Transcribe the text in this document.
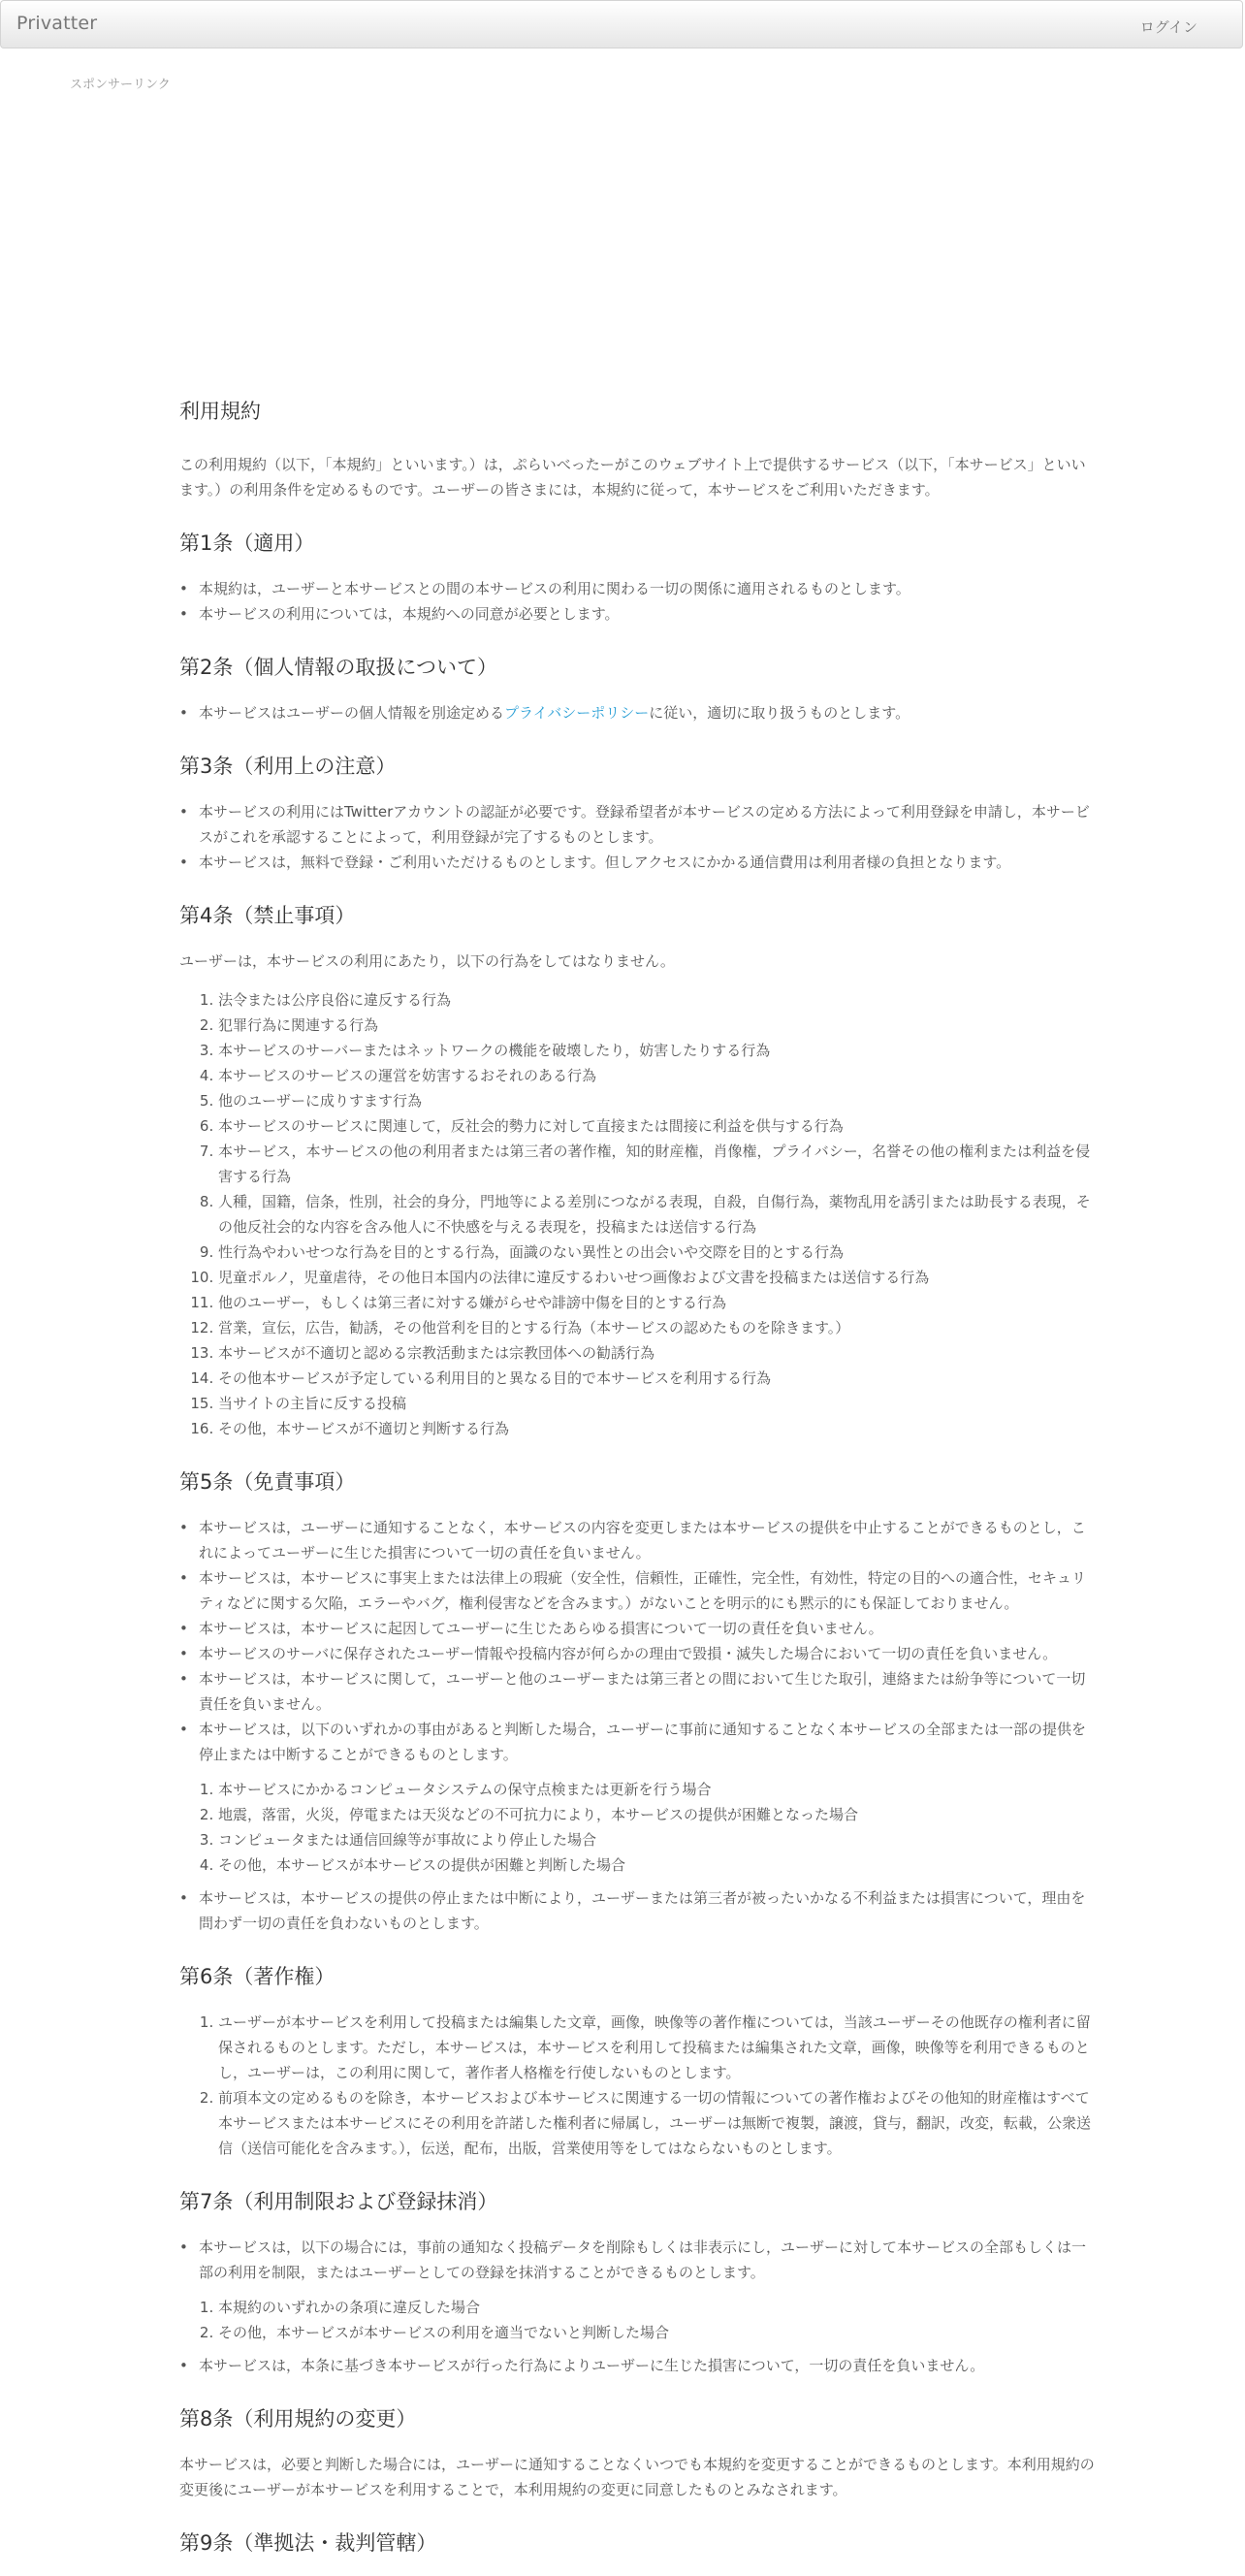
Privatter	ログイン
スポンサーリンク
利用規約

この利用規約（以下，「本規約」といいます。）は，ぷらいべったーがこのウェブサイト上で提供するサービス（以下，「本サービス」といいます。）の利用条件を定めるものです。ユーザーの皆さまには，本規約に従って，本サービスをご利用いただきます。

第1条（適用）
• 本規約は，ユーザーと本サービスとの間の本サービスの利用に関わる一切の関係に適用されるものとします。
• 本サービスの利用については，本規約への同意が必要とします。
第2条（個人情報の取扱について）
• 本サービスはユーザーの個人情報を別途定めるプライバシーポリシーに従い，適切に取り扱うものとします。
第3条（利用上の注意）
• 本サービスの利用にはTwitterアカウントの認証が必要です。登録希望者が本サービスの定める方法によって利用登録を申請し，本サービスがこれを承認することによって，利用登録が完了するものとします。
• 本サービスは，無料で登録・ご利用いただけるものとします。但しアクセスにかかる通信費用は利用者様の負担となります。
第4条（禁止事項）

ユーザーは，本サービスの利用にあたり，以下の行為をしてはなりません。

1. 法令または公序良俗に違反する行為
2. 犯罪行為に関連する行為
3. 本サービスのサーバーまたはネットワークの機能を破壊したり，妨害したりする行為
4. 本サービスのサービスの運営を妨害するおそれのある行為
5. 他のユーザーに成りすます行為
6. 本サービスのサービスに関連して，反社会的勢力に対して直接または間接に利益を供与する行為
7. 本サービス，本サービスの他の利用者または第三者の著作権，知的財産権，肖像権，プライバシー，名誉その他の権利または利益を侵害する行為
8. 人種，国籍，信条，性別，社会的身分，門地等による差別につながる表現，自殺，自傷行為，薬物乱用を誘引または助長する表現，その他反社会的な内容を含み他人に不快感を与える表現を，投稿または送信する行為
9. 性行為やわいせつな行為を目的とする行為，面識のない異性との出会いや交際を目的とする行為
10. 児童ポルノ，児童虐待，その他日本国内の法律に違反するわいせつ画像および文書を投稿または送信する行為
11. 他のユーザー，もしくは第三者に対する嫌がらせや誹謗中傷を目的とする行為
12. 営業，宣伝，広告，勧誘，その他営利を目的とする行為（本サービスの認めたものを除きます。）
13. 本サービスが不適切と認める宗教活動または宗教団体への勧誘行為
14. その他本サービスが予定している利用目的と異なる目的で本サービスを利用する行為
15. 当サイトの主旨に反する投稿
16. その他，本サービスが不適切と判断する行為
第5条（免責事項）
• 本サービスは，ユーザーに通知することなく，本サービスの内容を変更しまたは本サービスの提供を中止することができるものとし，これによってユーザーに生じた損害について一切の責任を負いません。
• 本サービスは，本サービスに事実上または法律上の瑕疵（安全性，信頼性，正確性，完全性，有効性，特定の目的への適合性，セキュリティなどに関する欠陥，エラーやバグ，権利侵害などを含みます。）がないことを明示的にも黙示的にも保証しておりません。
• 本サービスは，本サービスに起因してユーザーに生じたあらゆる損害について一切の責任を負いません。
• 本サービスのサーバに保存されたユーザー情報や投稿内容が何らかの理由で毀損・滅失した場合において一切の責任を負いません。
• 本サービスは，本サービスに関して，ユーザーと他のユーザーまたは第三者との間において生じた取引，連絡または紛争等について一切責任を負いません。
• 本サービスは，以下のいずれかの事由があると判断した場合，ユーザーに事前に通知することなく本サービスの全部または一部の提供を停止または中断することができるものとします。
1. 本サービスにかかるコンピュータシステムの保守点検または更新を行う場合
2. 地震，落雷，火災，停電または天災などの不可抗力により，本サービスの提供が困難となった場合
3. コンピュータまたは通信回線等が事故により停止した場合
4. その他，本サービスが本サービスの提供が困難と判断した場合
• 本サービスは，本サービスの提供の停止または中断により，ユーザーまたは第三者が被ったいかなる不利益または損害について，理由を問わず一切の責任を負わないものとします。
第6条（著作権）
1. ユーザーが本サービスを利用して投稿または編集した文章，画像，映像等の著作権については，当該ユーザーその他既存の権利者に留保されるものとします。ただし，本サービスは，本サービスを利用して投稿または編集された文章，画像，映像等を利用できるものとし，ユーザーは，この利用に関して，著作者人格権を行使しないものとします。
2. 前項本文の定めるものを除き，本サービスおよび本サービスに関連する一切の情報についての著作権およびその他知的財産権はすべて本サービスまたは本サービスにその利用を許諾した権利者に帰属し，ユーザーは無断で複製，譲渡，貸与，翻訳，改変，転載，公衆送信（送信可能化を含みます。），伝送，配布，出版，営業使用等をしてはならないものとします。
第7条（利用制限および登録抹消）
• 本サービスは，以下の場合には，事前の通知なく投稿データを削除もしくは非表示にし，ユーザーに対して本サービスの全部もしくは一部の利用を制限，またはユーザーとしての登録を抹消することができるものとします。
1. 本規約のいずれかの条項に違反した場合
2. その他，本サービスが本サービスの利用を適当でないと判断した場合
• 本サービスは，本条に基づき本サービスが行った行為によりユーザーに生じた損害について，一切の責任を負いません。
第8条（利用規約の変更）

本サービスは，必要と判断した場合には，ユーザーに通知することなくいつでも本規約を変更することができるものとします。本利用規約の変更後にユーザーが本サービスを利用することで，本利用規約の変更に同意したものとみなされます。

第9条（準拠法・裁判管轄）
